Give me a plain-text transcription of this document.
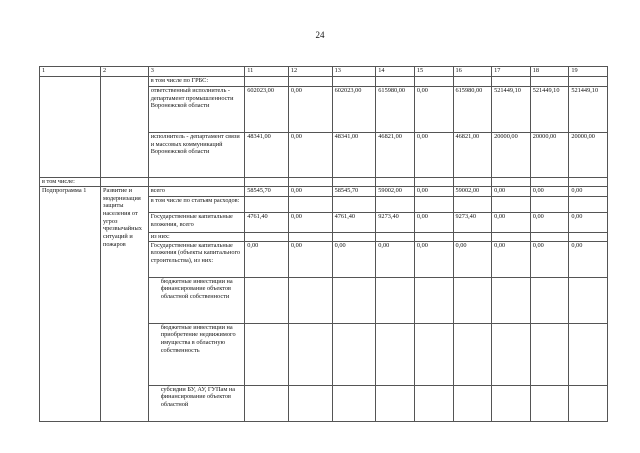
24
1	2	3	11	12	13	14	15	16	17	18	19
		в том числе по ГРБС:									
		ответственный исполнитель - департамент промышленности Воронежской области	602023,00	0,00	602023,00	615980,00	0,00	615980,00	521449,10	521449,10	521449,10
		исполнитель - департамент связи и массовых коммуникаций Воронежской области	48341,00	0,00	48341,00	46821,00	0,00	46821,00	20000,00	20000,00	20000,00
в том числе:											
Подпрограмма 1	Развитие и модернизация защиты населения от угроз чрезвычайных ситуаций и пожаров	всего	58545,70	0,00	58545,70	59002,00	0,00	59002,00	0,00	0,00	0,00
		в том числе по статьям расходов:									
		Государственные капитальные вложения, всего	4761,40	0,00	4761,40	9273,40	0,00	9273,40	0,00	0,00	0,00
		из них:									
		Государственные капитальные вложения (объекты капитального строительства), из них:	0,00	0,00	0,00	0,00	0,00	0,00	0,00	0,00	0,00
		бюджетные инвестиции на финансирование объектов областной собственности									
		бюджетные инвестиции на приобретение недвижимого имущества в областную собственность									
		субсидии БУ, АУ, ГУПам на финансирование объектов областной									
